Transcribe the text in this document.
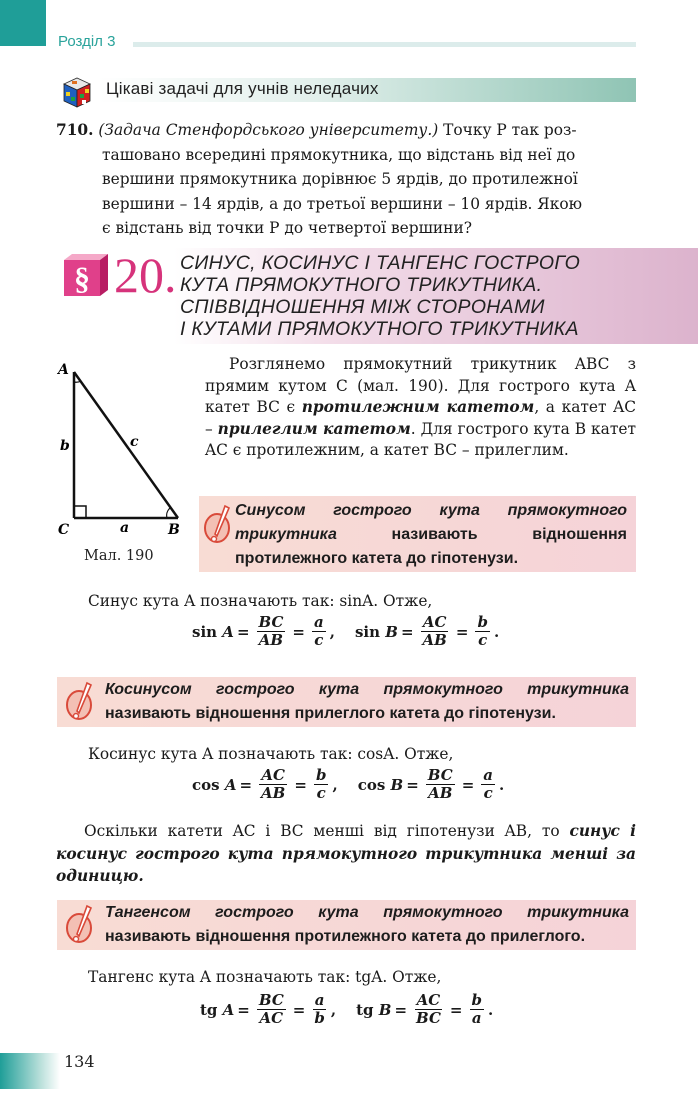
Розділ 3
Цікаві задачі для учнів неледачих
710. (Задача Стенфордського університету.) Точку P так роз-
ташовано всередині прямокутника, що відстань від неї до
вершини прямокутника дорівнює 5 ярдів, до протилежної
вершини – 14 ярдів, а до третьої вершини – 10 ярдів. Якою
є відстань від точки P до четвертої вершини?
§ 20. СИНУС, КОСИНУС І ТАНГЕНС ГОСТРОГО
КУТА ПРЯМОКУТНОГО ТРИКУТНИКА.
СПІВВІДНОШЕННЯ МІЖ СТОРОНАМИ
І КУТАМИ ПРЯМОКУТНОГО ТРИКУТНИКА
A
C	B
b	c
a
Мал. 190

Розглянемо прямокутний трикутник ABC з прямим кутом C (мал. 190). Для гострого кута A катет BC є протилежним катетом, а катет AC – прилеглим катетом. Для гострого кута B катет AC є протилежним, а катет BC – прилеглим.

Синусом гострого кута прямокутного трикутника називають відношення протилежного катета до гіпотенузи.
Синус кута A позначають так: sinA. Отже,
sin
$A = \frac{BC}{AB} = \frac{a}{c}$ , sin
$B = \frac{AC}{AB} = \frac{b}{c}$ .
Косинусом гострого кута прямокутного трикутника називають відношення прилеглого катета до гіпотенузи.
Косинус кута A позначають так: cosA. Отже,
cos
$A = \frac{AC}{AB} = \frac{b}{c}$ , cos
$B = \frac{BC}{AB} = \frac{a}{c}$ .
Оскільки катети AC і BC менші від гіпотенузи AB, то синус і косинус гострого кута прямокутного трикутника менші за одиницю.
Тангенсом гострого кута прямокутного трикутника називають відношення протилежного катета до прилеглого.
Тангенс кута A позначають так: tgA. Отже,
tg
$A = \frac{BC}{AC} = \frac{a}{b}$ , tg
$B = \frac{AC}{BC} = \frac{b}{a}$ .
134
